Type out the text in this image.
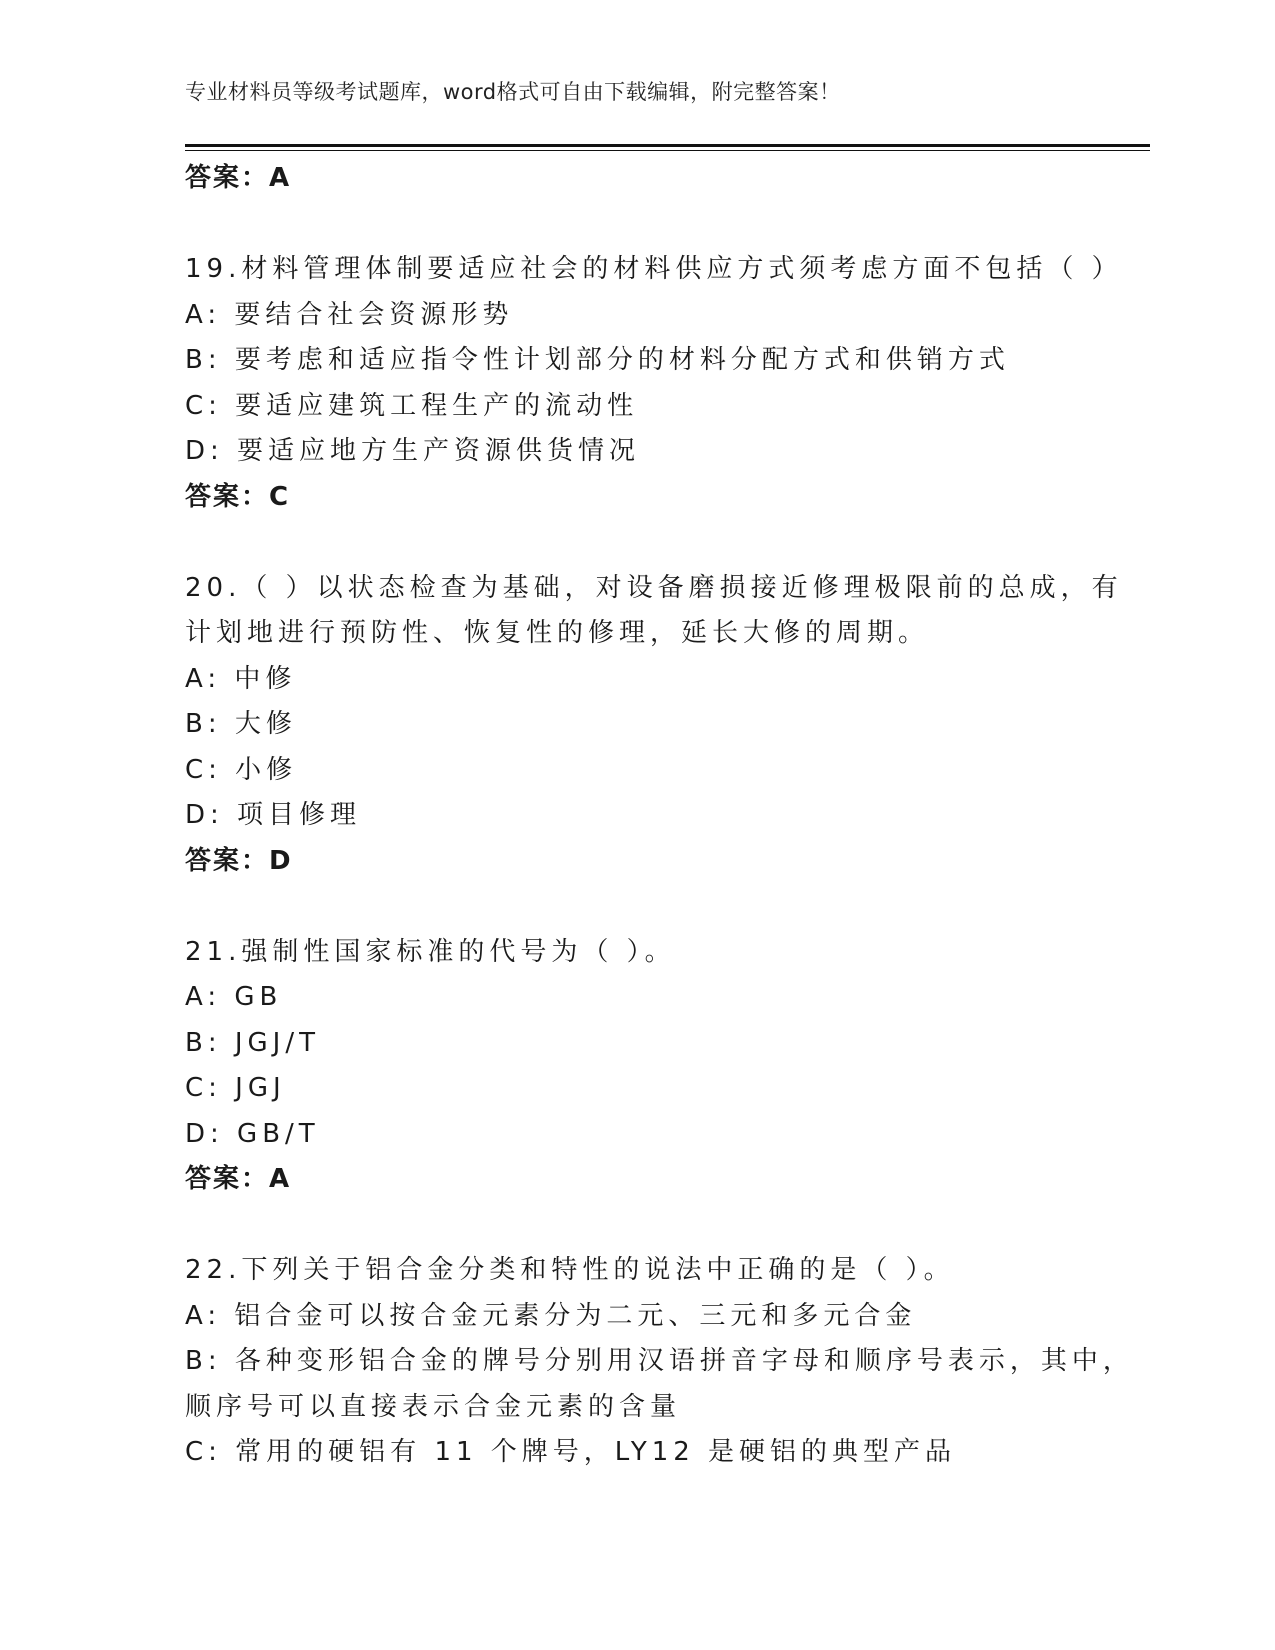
专业材料员等级考试题库，word格式可自由下载编辑，附完整答案！
答案：A
19.材料管理体制要适应社会的材料供应方式须考虑方面不包括（ ）
A: 要结合社会资源形势
B: 要考虑和适应指令性计划部分的材料分配方式和供销方式
C: 要适应建筑工程生产的流动性
D: 要适应地方生产资源供货情况
答案：C
20.（ ）以状态检查为基础，对设备磨损接近修理极限前的总成，有
计划地进行预防性、恢复性的修理，延长大修的周期。
A: 中修
B: 大修
C: 小修
D: 项目修理
答案：D
21.强制性国家标准的代号为（ ）。
A: GB
B: JGJ/T
C: JGJ
D: GB/T
答案：A
22.下列关于铝合金分类和特性的说法中正确的是（ ）。
A: 铝合金可以按合金元素分为二元、三元和多元合金
B: 各种变形铝合金的牌号分别用汉语拼音字母和顺序号表示，其中，
顺序号可以直接表示合金元素的含量
C: 常用的硬铝有 11 个牌号，LY12 是硬铝的典型产品
